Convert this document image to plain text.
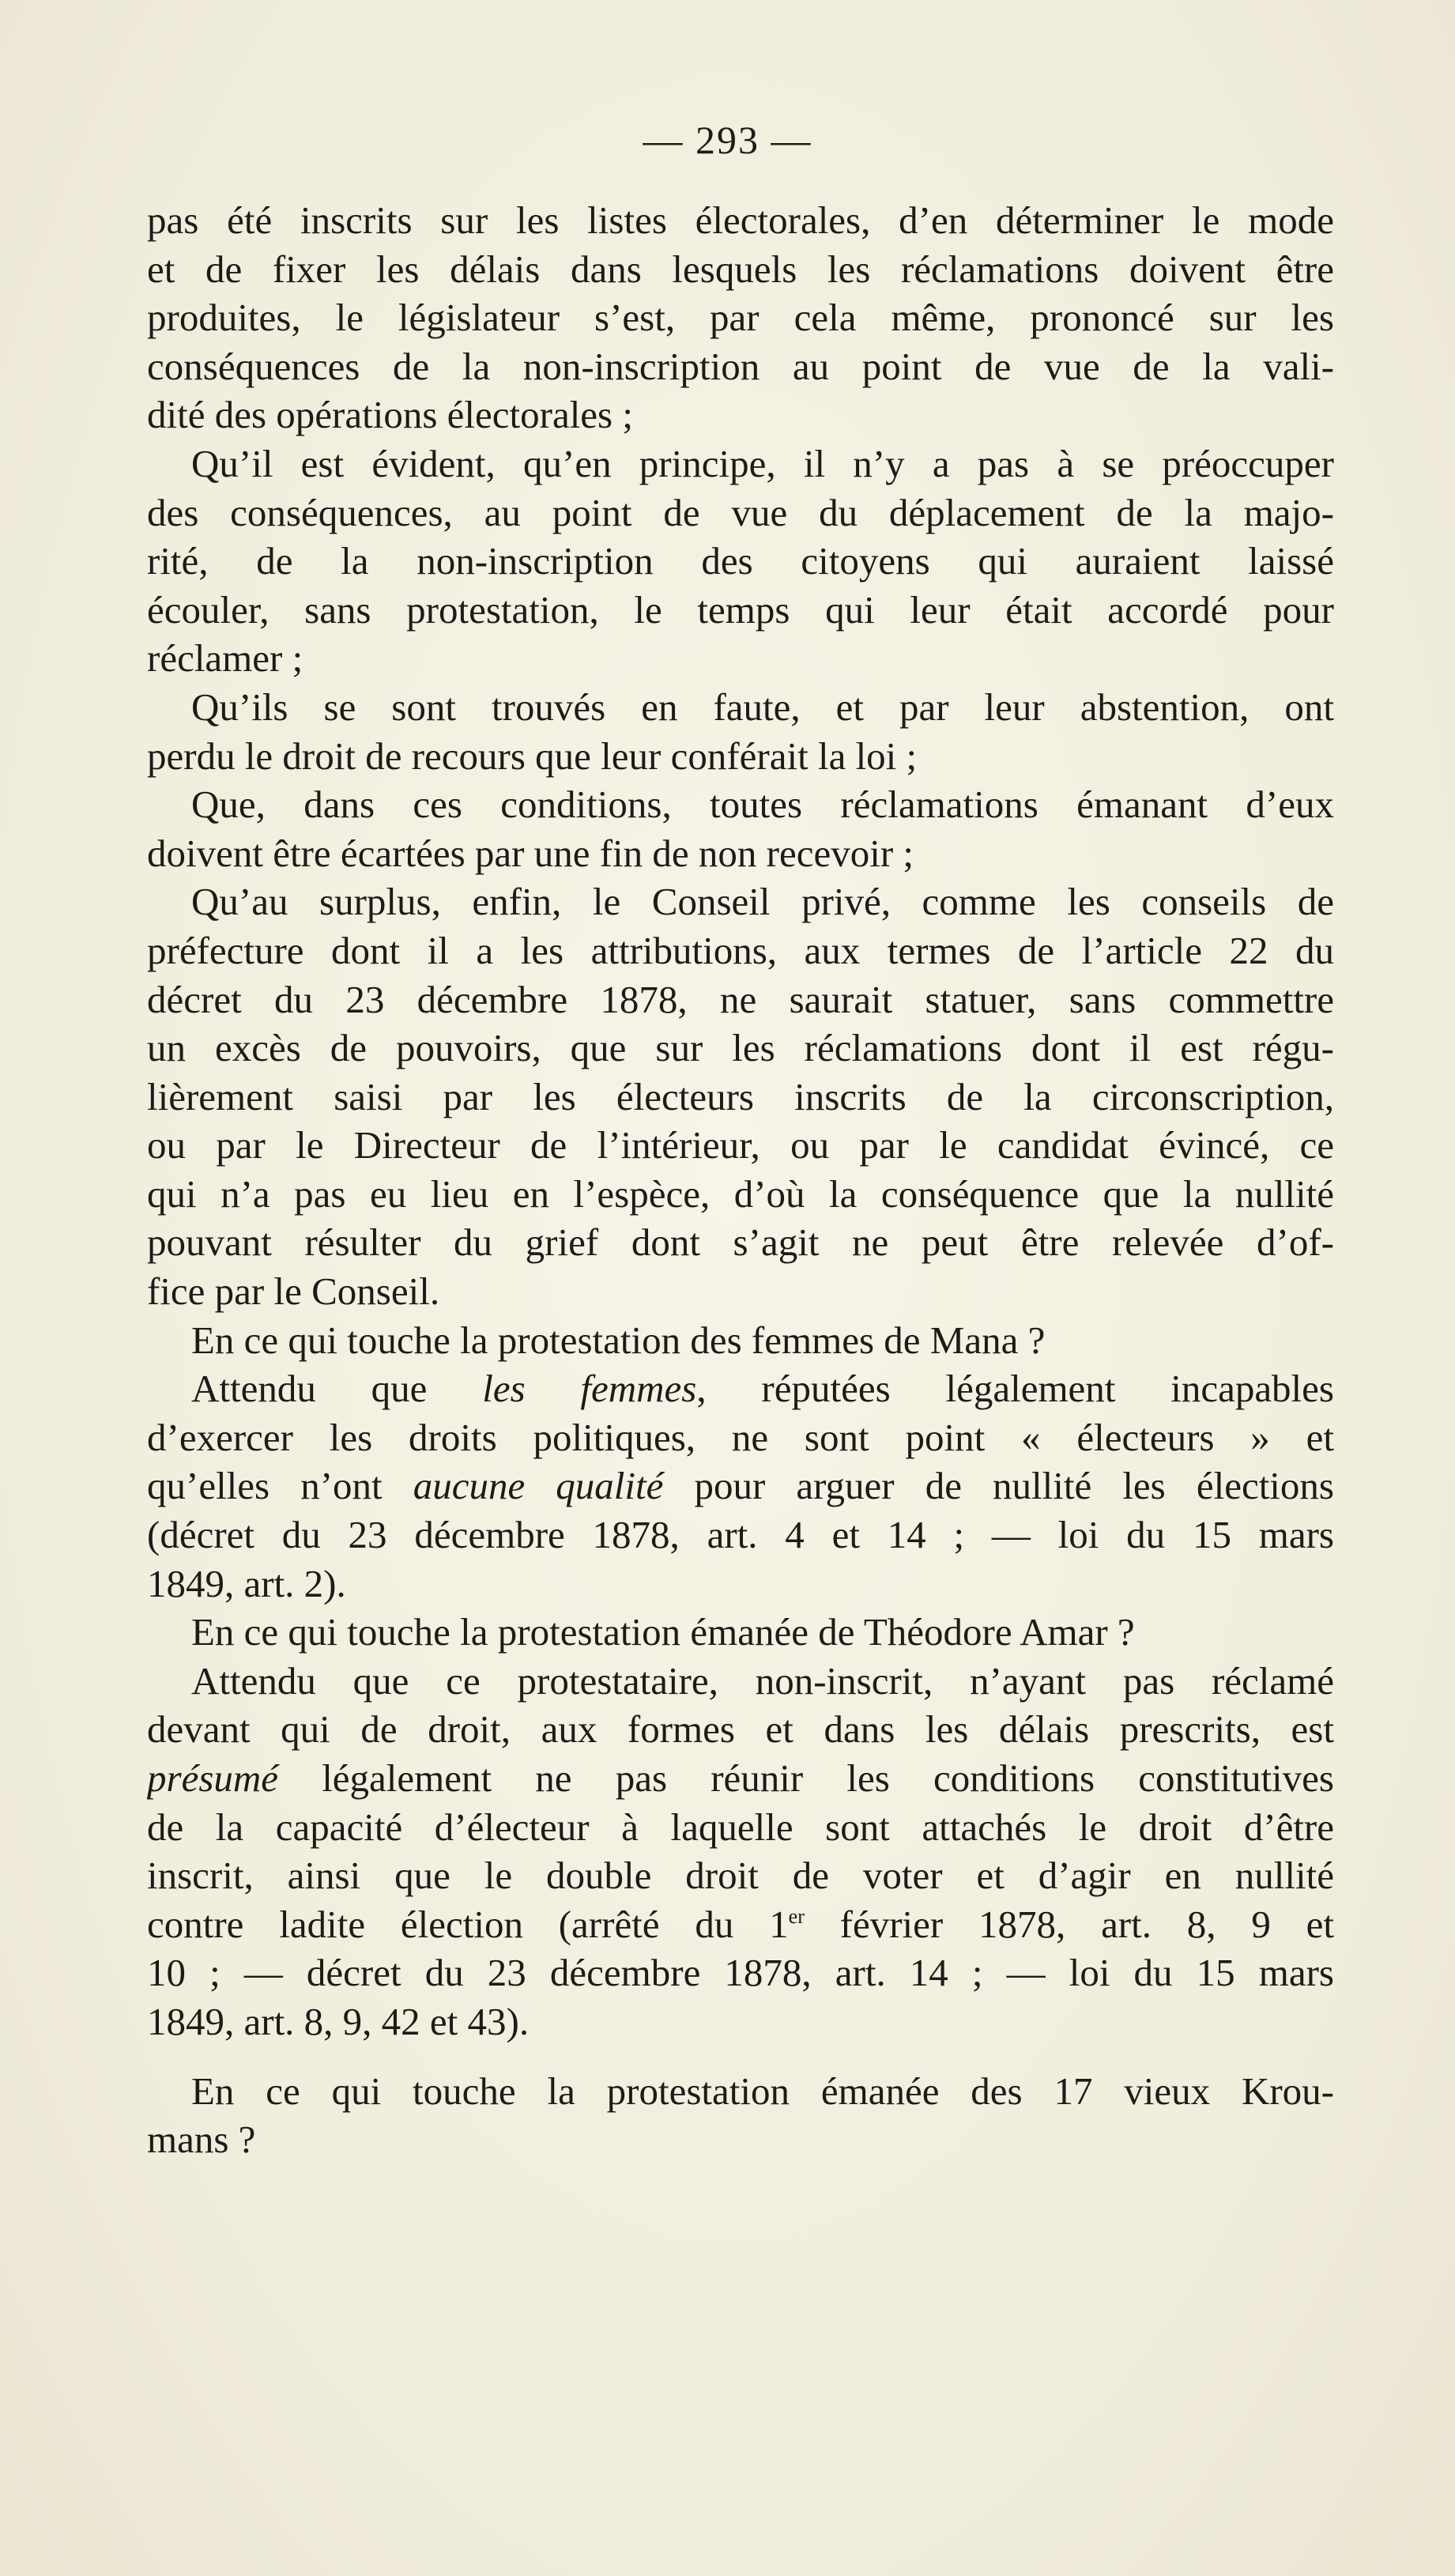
— 293 —
pas été inscrits sur les listes électorales, d’en déterminer le mode
et de fixer les délais dans lesquels les réclamations doivent être
produites, le législateur s’est, par cela même, prononcé sur les
conséquences de la non-inscription au point de vue de la vali-
dité des opérations électorales ;
Qu’il est évident, qu’en principe, il n’y a pas à se préoccuper
des conséquences, au point de vue du déplacement de la majo-
rité, de la non-inscription des citoyens qui auraient laissé
écouler, sans protestation, le temps qui leur était accordé pour
réclamer ;
Qu’ils se sont trouvés en faute, et par leur abstention, ont
perdu le droit de recours que leur conférait la loi ;
Que, dans ces conditions, toutes réclamations émanant d’eux
doivent être écartées par une fin de non recevoir ;
Qu’au surplus, enfin, le Conseil privé, comme les conseils de
préfecture dont il a les attributions, aux termes de l’article 22 du
décret du 23 décembre 1878, ne saurait statuer, sans commettre
un excès de pouvoirs, que sur les réclamations dont il est régu-
lièrement saisi par les électeurs inscrits de la circonscription,
ou par le Directeur de l’intérieur, ou par le candidat évincé, ce
qui n’a pas eu lieu en l’espèce, d’où la conséquence que la nullité
pouvant résulter du grief dont s’agit ne peut être relevée d’of-
fice par le Conseil.
En ce qui touche la protestation des femmes de Mana ?
Attendu que les femmes, réputées légalement incapables
d’exercer les droits politiques, ne sont point « électeurs » et
qu’elles n’ont aucune qualité pour arguer de nullité les élections
(décret du 23 décembre 1878, art. 4 et 14 ; — loi du 15 mars
1849, art. 2).
En ce qui touche la protestation émanée de Théodore Amar ?
Attendu que ce protestataire, non-inscrit, n’ayant pas réclamé
devant qui de droit, aux formes et dans les délais prescrits, est
présumé légalement ne pas réunir les conditions constitutives
de la capacité d’électeur à laquelle sont attachés le droit d’être
inscrit, ainsi que le double droit de voter et d’agir en nullité
contre ladite élection (arrêté du 1er février 1878, art. 8, 9 et
10 ; — décret du 23 décembre 1878, art. 14 ; — loi du 15 mars
1849, art. 8, 9, 42 et 43).
En ce qui touche la protestation émanée des 17 vieux Krou-
mans ?
